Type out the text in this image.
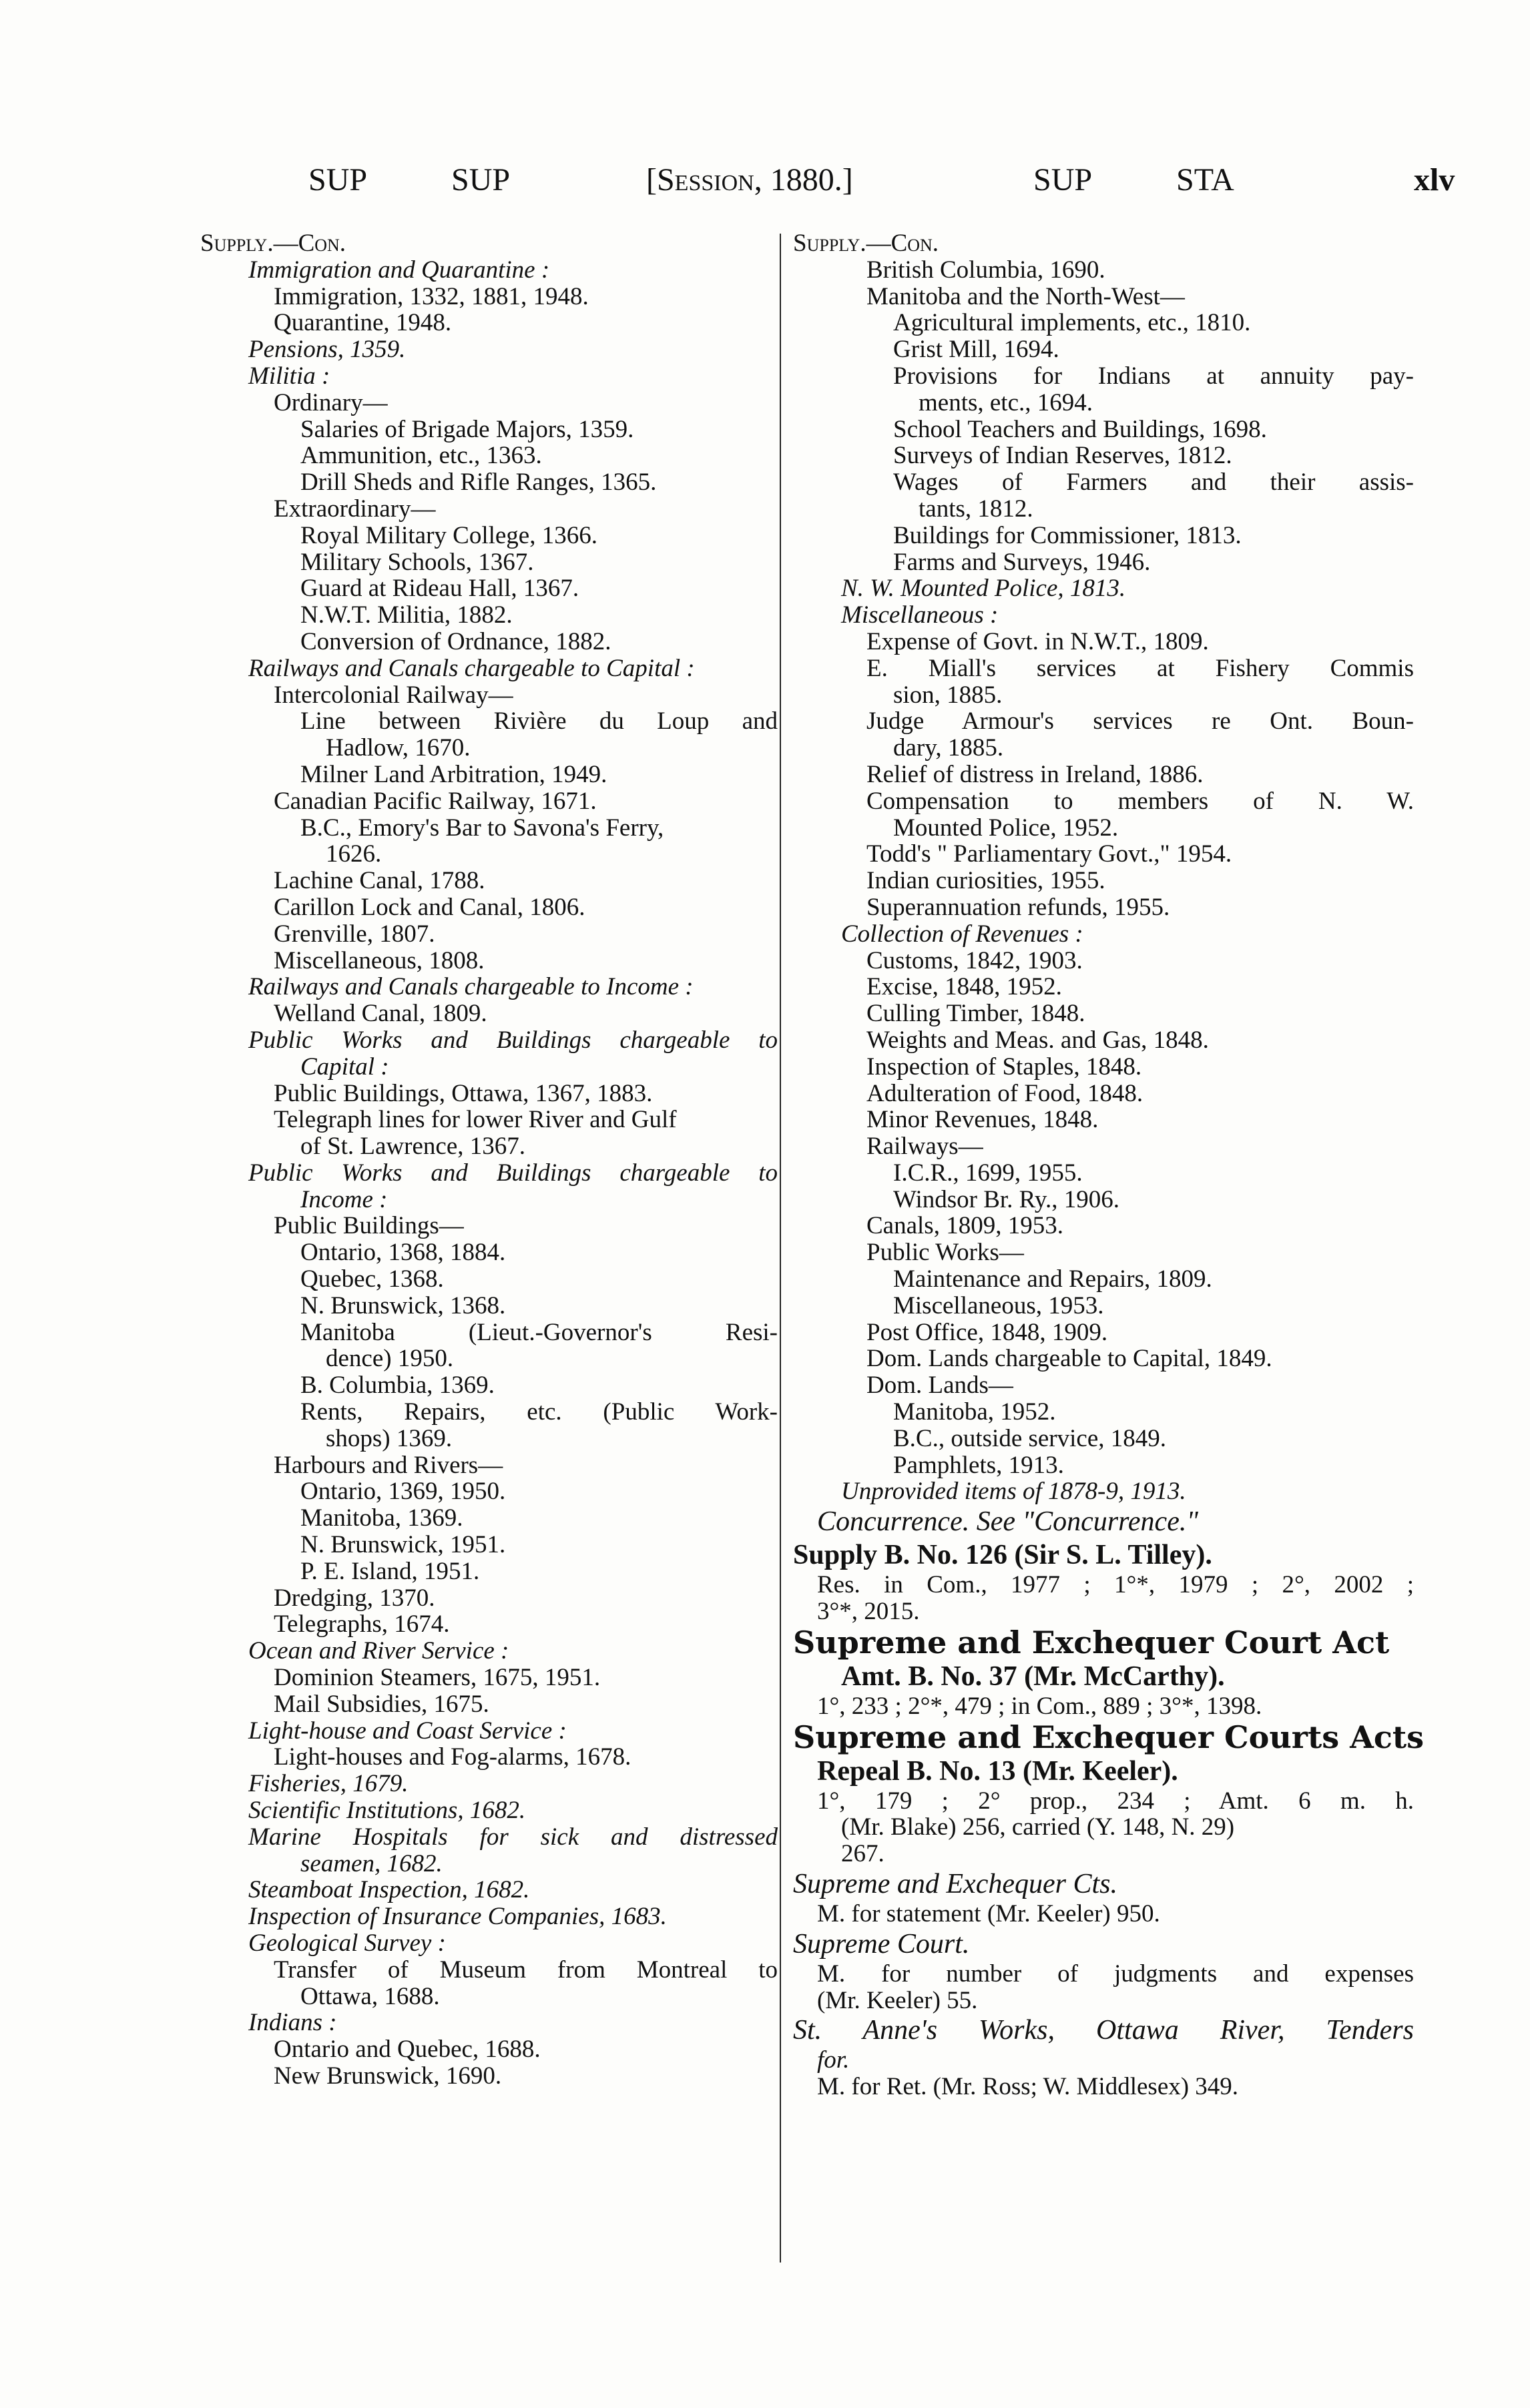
SUP	SUP	[Session, 1880.]	SUP	STA	xlv
Supply.—Con.
Immigration and Quarantine :
Immigration, 1332, 1881, 1948.
Quarantine, 1948.
Pensions, 1359.
Militia :
Ordinary—
Salaries of Brigade Majors, 1359.
Ammunition, etc., 1363.
Drill Sheds and Rifle Ranges, 1365.
Extraordinary—
Royal Military College, 1366.
Military Schools, 1367.
Guard at Rideau Hall, 1367.
N.W.T. Militia, 1882.
Conversion of Ordnance, 1882.
Railways and Canals chargeable to Capital :
Intercolonial Railway—
Line between Rivière du Loup and
Hadlow, 1670.
Milner Land Arbitration, 1949.
Canadian Pacific Railway, 1671.
B.C., Emory's Bar to Savona's Ferry,
1626.
Lachine Canal, 1788.
Carillon Lock and Canal, 1806.
Grenville, 1807.
Miscellaneous, 1808.
Railways and Canals chargeable to Income :
Welland Canal, 1809.
Public Works and Buildings chargeable to
Capital :
Public Buildings, Ottawa, 1367, 1883.
Telegraph lines for lower River and Gulf
of St. Lawrence, 1367.
Public Works and Buildings chargeable to
Income :
Public Buildings—
Ontario, 1368, 1884.
Quebec, 1368.
N. Brunswick, 1368.
Manitoba (Lieut.-Governor's Resi-
dence) 1950.
B. Columbia, 1369.
Rents, Repairs, etc. (Public Work-
shops) 1369.
Harbours and Rivers—
Ontario, 1369, 1950.
Manitoba, 1369.
N. Brunswick, 1951.
P. E. Island, 1951.
Dredging, 1370.
Telegraphs, 1674.
Ocean and River Service :
Dominion Steamers, 1675, 1951.
Mail Subsidies, 1675.
Light-house and Coast Service :
Light-houses and Fog-alarms, 1678.
Fisheries, 1679.
Scientific Institutions, 1682.
Marine Hospitals for sick and distressed
seamen, 1682.
Steamboat Inspection, 1682.
Inspection of Insurance Companies, 1683.
Geological Survey :
Transfer of Museum from Montreal to
Ottawa, 1688.
Indians :
Ontario and Quebec, 1688.
New Brunswick, 1690.
Supply.—Con.
British Columbia, 1690.
Manitoba and the North-West—
Agricultural implements, etc., 1810.
Grist Mill, 1694.
Provisions for Indians at annuity pay-
ments, etc., 1694.
School Teachers and Buildings, 1698.
Surveys of Indian Reserves, 1812.
Wages of Farmers and their assis-
tants, 1812.
Buildings for Commissioner, 1813.
Farms and Surveys, 1946.
N. W. Mounted Police, 1813.
Miscellaneous :
Expense of Govt. in N.W.T., 1809.
E. Miall's services at Fishery Commis
sion, 1885.
Judge Armour's services re Ont. Boun-
dary, 1885.
Relief of distress in Ireland, 1886.
Compensation to members of N. W.
Mounted Police, 1952.
Todd's " Parliamentary Govt.," 1954.
Indian curiosities, 1955.
Superannuation refunds, 1955.
Collection of Revenues :
Customs, 1842, 1903.
Excise, 1848, 1952.
Culling Timber, 1848.
Weights and Meas. and Gas, 1848.
Inspection of Staples, 1848.
Adulteration of Food, 1848.
Minor Revenues, 1848.
Railways—
I.C.R., 1699, 1955.
Windsor Br. Ry., 1906.
Canals, 1809, 1953.
Public Works—
Maintenance and Repairs, 1809.
Miscellaneous, 1953.
Post Office, 1848, 1909.
Dom. Lands chargeable to Capital, 1849.
Dom. Lands—
Manitoba, 1952.
B.C., outside service, 1849.
Pamphlets, 1913.
Unprovided items of 1878-9, 1913.
Concurrence. See "Concurrence."
Supply B. No. 126 (Sir S. L. Tilley).
Res. in Com., 1977 ; 1°*, 1979 ; 2°, 2002 ;
3°*, 2015.
Supreme and Exchequer Court Act
Amt. B. No. 37 (Mr. McCarthy).
1°, 233 ; 2°*, 479 ; in Com., 889 ; 3°*, 1398.
Supreme and Exchequer Courts Acts
Repeal B. No. 13 (Mr. Keeler).
1°, 179 ; 2° prop., 234 ; Amt. 6 m. h.
(Mr. Blake) 256, carried (Y. 148, N. 29)
267.
Supreme and Exchequer Cts.
M. for statement (Mr. Keeler) 950.
Supreme Court.
M. for number of judgments and expenses
(Mr. Keeler) 55.
St. Anne's Works, Ottawa River, Tenders
for.
M. for Ret. (Mr. Ross; W. Middlesex) 349.
